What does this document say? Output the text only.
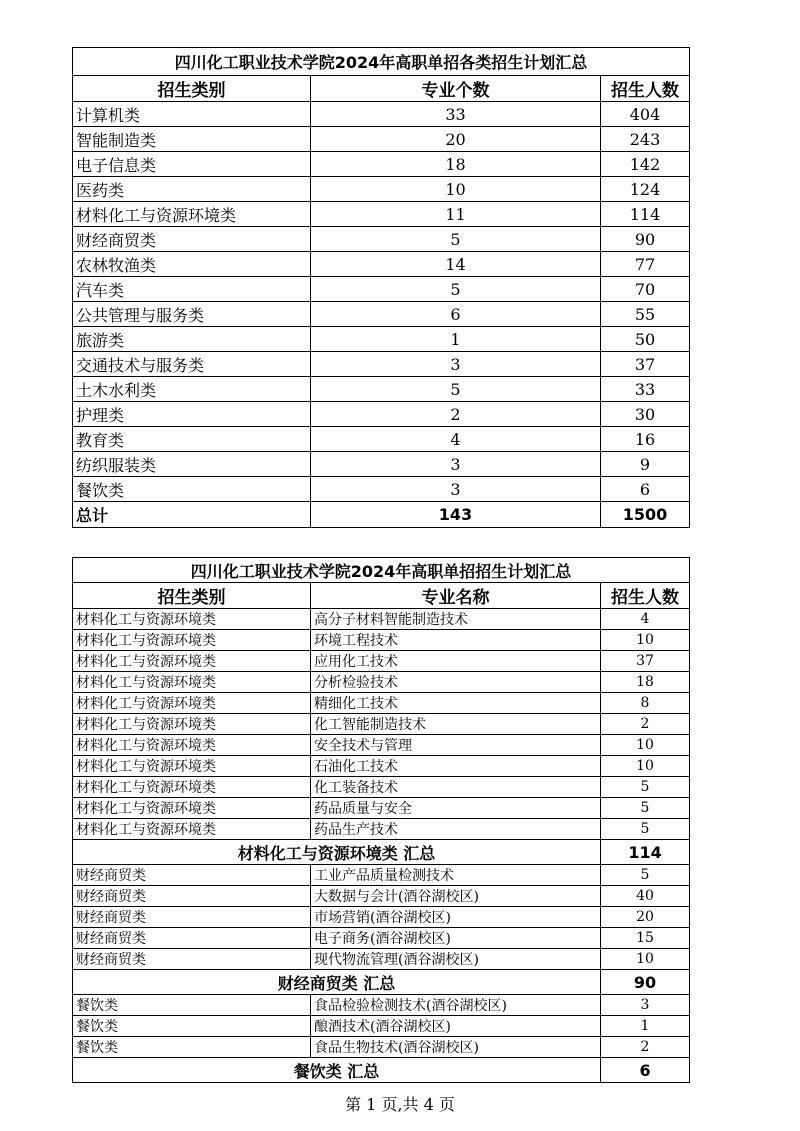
四川化工职业技术学院2024年高职单招各类招生计划汇总		
招生类别	专业个数	招生人数
计算机类	33	404
智能制造类	20	243
电子信息类	18	142
医药类	10	124
材料化工与资源环境类	11	114
财经商贸类	5	90
农林牧渔类	14	77
汽车类	5	70
公共管理与服务类	6	55
旅游类	1	50
交通技术与服务类	3	37
土木水利类	5	33
护理类	2	30
教育类	4	16
纺织服装类	3	9
餐饮类	3	6
总计	143	1500
四川化工职业技术学院2024年高职单招招生计划汇总		
招生类别	专业名称	招生人数
材料化工与资源环境类	高分子材料智能制造技术	4
材料化工与资源环境类	环境工程技术	10
材料化工与资源环境类	应用化工技术	37
材料化工与资源环境类	分析检验技术	18
材料化工与资源环境类	精细化工技术	8
材料化工与资源环境类	化工智能制造技术	2
材料化工与资源环境类	安全技术与管理	10
材料化工与资源环境类	石油化工技术	10
材料化工与资源环境类	化工装备技术	5
材料化工与资源环境类	药品质量与安全	5
材料化工与资源环境类	药品生产技术	5
材料化工与资源环境类 汇总		114
财经商贸类	工业产品质量检测技术	5
财经商贸类	大数据与会计(酒谷湖校区)	40
财经商贸类	市场营销(酒谷湖校区)	20
财经商贸类	电子商务(酒谷湖校区)	15
财经商贸类	现代物流管理(酒谷湖校区)	10
财经商贸类 汇总		90
餐饮类	食品检验检测技术(酒谷湖校区)	3
餐饮类	酿酒技术(酒谷湖校区)	1
餐饮类	食品生物技术(酒谷湖校区)	2
餐饮类 汇总		6
第 1 页,共 4 页
